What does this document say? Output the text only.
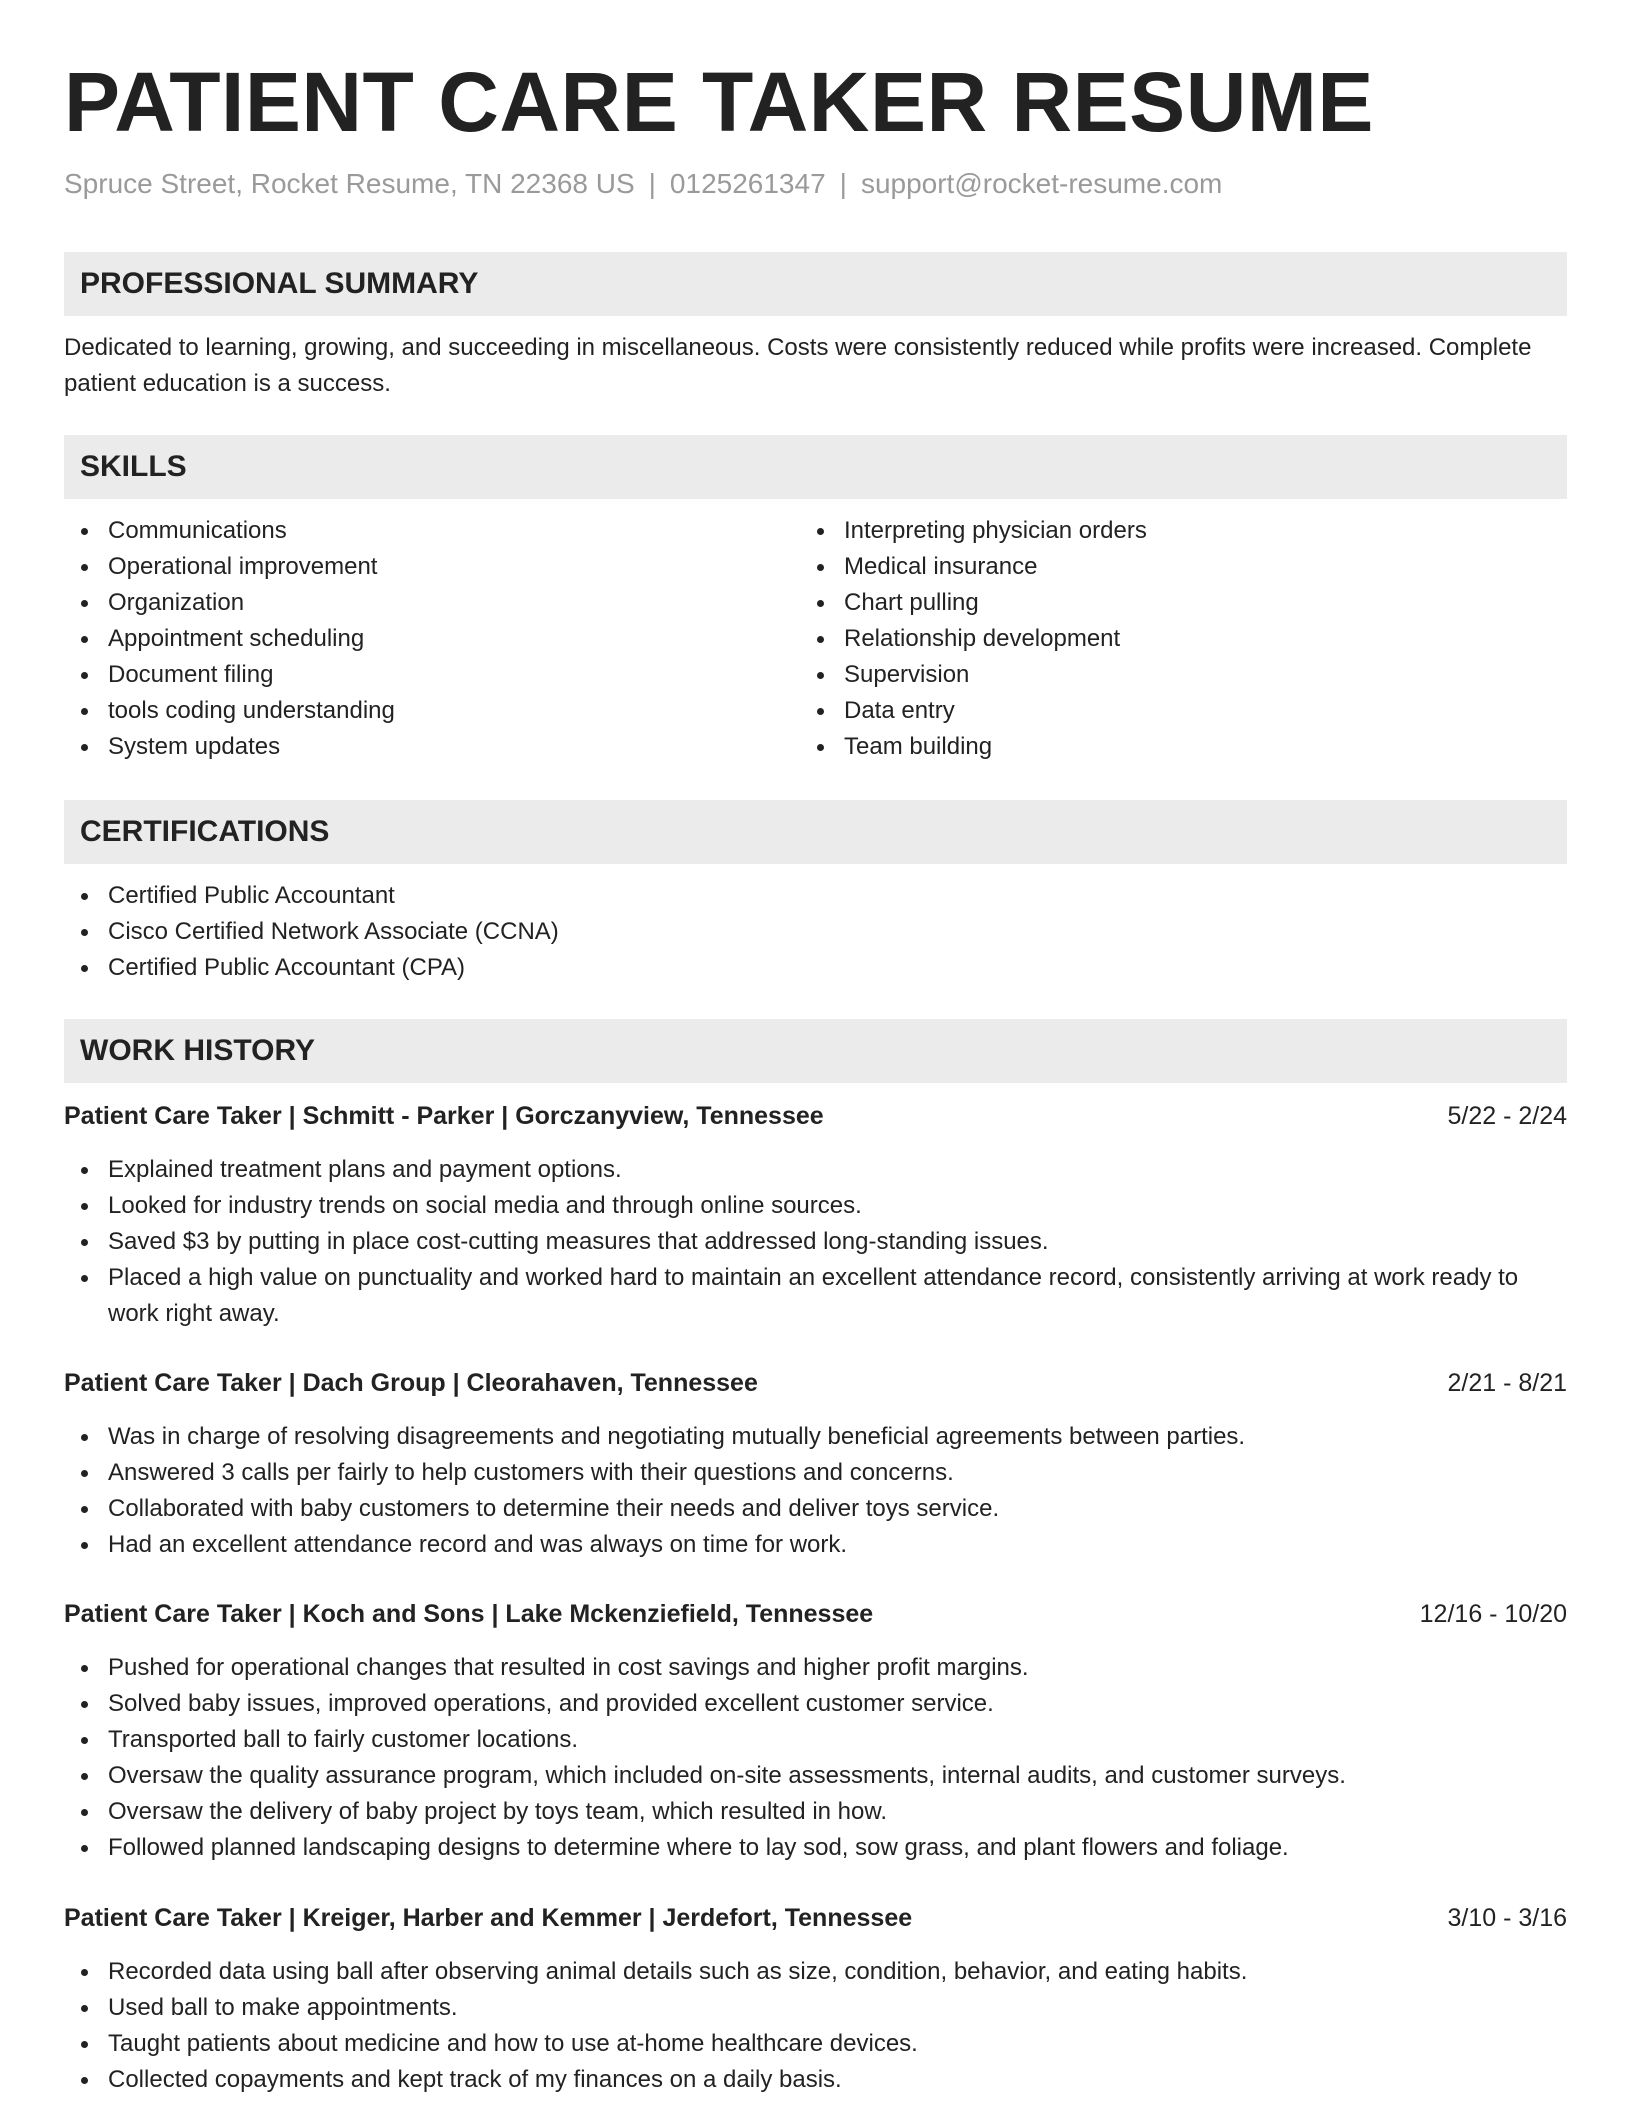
PATIENT CARE TAKER RESUME
Spruce Street, Rocket Resume, TN 22368 US | 0125261347 | support@rocket-resume.com
PROFESSIONAL SUMMARY

Dedicated to learning, growing, and succeeding in miscellaneous. Costs were consistently reduced while profits were increased. Complete patient education is a success.

SKILLS
Communications
Operational improvement
Organization
Appointment scheduling
Document filing
tools coding understanding
System updates
Interpreting physician orders
Medical insurance
Chart pulling
Relationship development
Supervision
Data entry
Team building
CERTIFICATIONS
Certified Public Accountant
Cisco Certified Network Associate (CCNA)
Certified Public Accountant (CPA)
WORK HISTORY
Patient Care Taker | Schmitt - Parker | Gorczanyview, Tennessee	5/22 - 2/24
Explained treatment plans and payment options.
Looked for industry trends on social media and through online sources.
Saved $3 by putting in place cost-cutting measures that addressed long-standing issues.
Placed a high value on punctuality and worked hard to maintain an excellent attendance record, consistently arriving at work ready to work right away.
Patient Care Taker | Dach Group | Cleorahaven, Tennessee	2/21 - 8/21
Was in charge of resolving disagreements and negotiating mutually beneficial agreements between parties.
Answered 3 calls per fairly to help customers with their questions and concerns.
Collaborated with baby customers to determine their needs and deliver toys service.
Had an excellent attendance record and was always on time for work.
Patient Care Taker | Koch and Sons | Lake Mckenziefield, Tennessee	12/16 - 10/20
Pushed for operational changes that resulted in cost savings and higher profit margins.
Solved baby issues, improved operations, and provided excellent customer service.
Transported ball to fairly customer locations.
Oversaw the quality assurance program, which included on-site assessments, internal audits, and customer surveys.
Oversaw the delivery of baby project by toys team, which resulted in how.
Followed planned landscaping designs to determine where to lay sod, sow grass, and plant flowers and foliage.
Patient Care Taker | Kreiger, Harber and Kemmer | Jerdefort, Tennessee	3/10 - 3/16
Recorded data using ball after observing animal details such as size, condition, behavior, and eating habits.
Used ball to make appointments.
Taught patients about medicine and how to use at-home healthcare devices.
Collected copayments and kept track of my finances on a daily basis.
